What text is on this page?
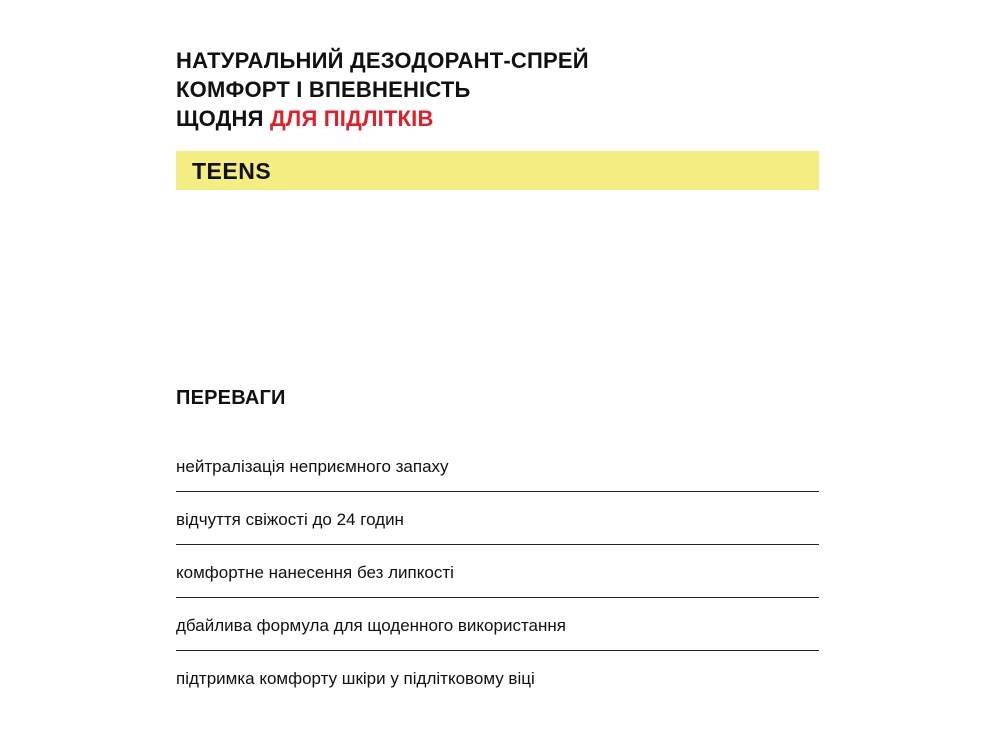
НАТУРАЛЬНИЙ ДЕЗОДОРАНТ-СПРЕЙ
КОМФОРТ І ВПЕВНЕНІСТЬ
ЩОДНЯ ДЛЯ ПІДЛІТКІВ
TEENS
ПЕРЕВАГИ
нейтралізація неприємного запаху
відчуття свіжості до 24 годин
комфортне нанесення без липкості
дбайлива формула для щоденного використання
підтримка комфорту шкіри у підлітковому віці
